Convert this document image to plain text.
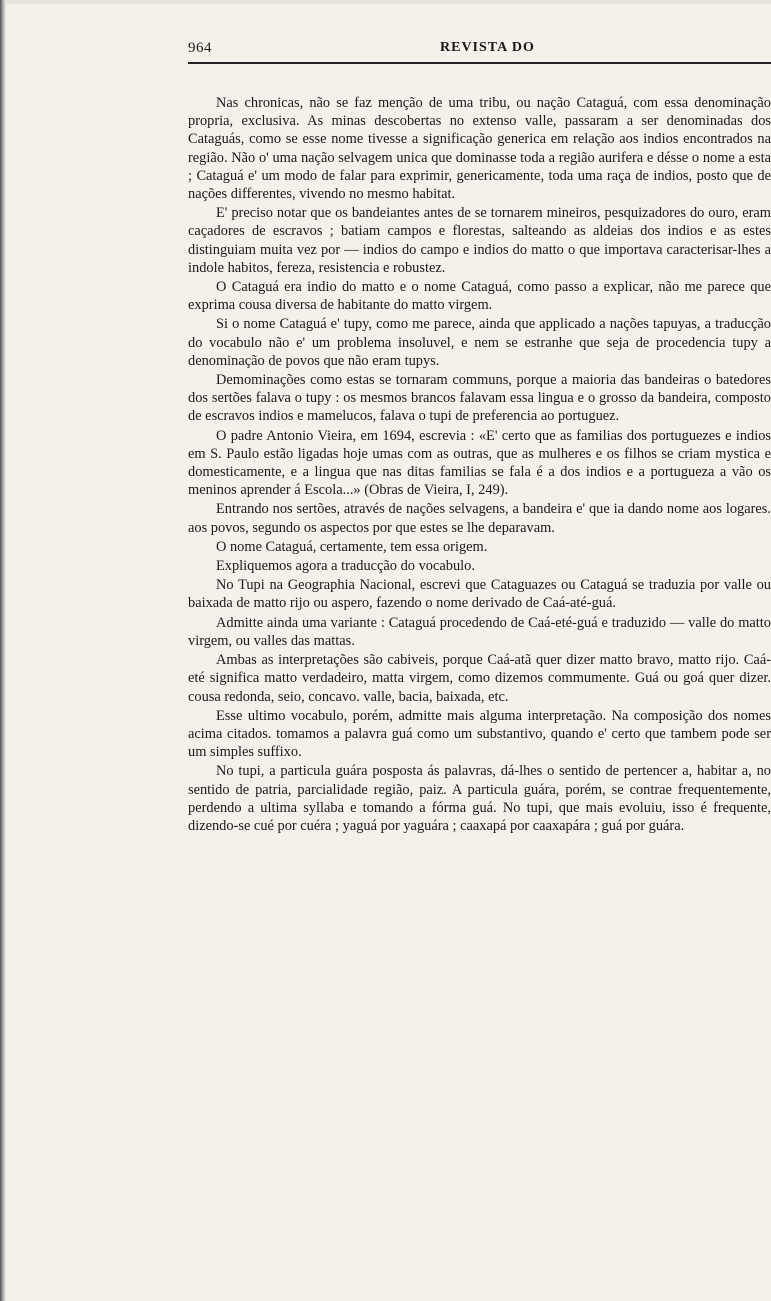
964	REVISTA DO

Nas chronicas, não se faz menção de uma tribu, ou nação Cataguá, com essa denominação propria, exclusiva. As minas descobertas no extenso valle, passaram a ser denominadas dos Cataguás, como se esse nome tivesse a significação generica em relação aos indios encontrados na região. Não o' uma nação selvagem unica que dominasse toda a região aurifera e désse o nome a esta ; Cataguá e' um modo de falar para exprimir, genericamente, toda uma raça de indios, posto que de nações differentes, vivendo no mesmo habitat.

E' preciso notar que os bandeiantes antes de se tornarem mineiros, pesquizadores do ouro, eram caçadores de escravos ; batiam campos e florestas, salteando as aldeias dos indios e as estes distinguiam muita vez por — indios do campo e indios do matto o que importava caracterisar-lhes a indole habitos, fereza, resistencia e robustez.

O Cataguá era indio do matto e o nome Cataguá, como passo a explicar, não me parece que exprima cousa diversa de habitante do matto virgem.

Si o nome Cataguá e' tupy, como me parece, ainda que applicado a nações tapuyas, a traducção do vocabulo não e' um problema insoluvel, e nem se estranhe que seja de procedencia tupy a denominação de povos que não eram tupys.

Demominações como estas se tornaram communs, porque a maioria das bandeiras o batedores dos sertões falava o tupy : os mesmos brancos falavam essa lingua e o grosso da bandeira, composto de escravos indios e mamelucos, falava o tupi de preferencia ao portuguez.

O padre Antonio Vieira, em 1694, escrevia : «E' certo que as familias dos portuguezes e indios em S. Paulo estão ligadas hoje umas com as outras, que as mulheres e os filhos se criam mystica e domesticamente, e a lingua que nas ditas familias se fala é a dos indios e a portugueza a vão os meninos aprender á Escola...» (Obras de Vieira, I, 249).

Entrando nos sertões, através de nações selvagens, a bandeira e' que ia dando nome aos logares. aos povos, segundo os aspectos por que estes se lhe deparavam.

O nome Cataguá, certamente, tem essa origem.

Expliquemos agora a traducção do vocabulo.

No Tupi na Geographia Nacional, escrevi que Cataguazes ou Cataguá se traduzia por valle ou baixada de matto rijo ou aspero, fazendo o nome derivado de Caá-até-guá.

Admitte ainda uma variante : Cataguá procedendo de Caá-eté-guá e traduzido — valle do matto virgem, ou valles das mattas.

Ambas as interpretações são cabiveis, porque Caá-atã quer dizer matto bravo, matto rijo. Caá-eté significa matto verdadeiro, matta virgem, como dizemos commumente. Guá ou goá quer dizer. cousa redonda, seio, concavo. valle, bacia, baixada, etc.

Esse ultimo vocabulo, porém, admitte mais alguma interpretação. Na composição dos nomes acima citados. tomamos a palavra guá como um substantivo, quando e' certo que tambem pode ser um simples suffixo.

No tupi, a particula guára posposta ás palavras, dá-lhes o sentido de pertencer a, habitar a, no sentido de patria, parcialidade região, paiz. A particula guára, porém, se contrae frequentemente, perdendo a ultima syllaba e tomando a fórma guá. No tupi, que mais evoluiu, isso é frequente, dizendo-se cué por cuéra ; yaguá por yaguára ; caaxapá por caaxapára ; guá por guára.
